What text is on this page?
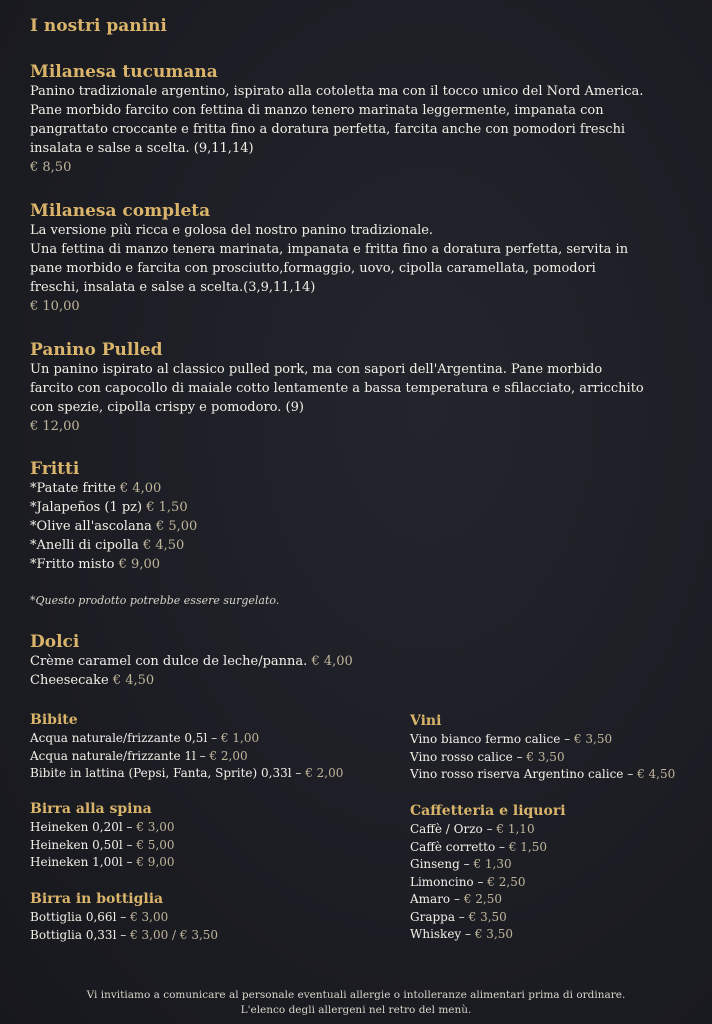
I nostri panini
Milanesa tucumana
Panino tradizionale argentino, ispirato alla cotoletta ma con il tocco unico del Nord America.
Pane morbido farcito con fettina di manzo tenero marinata leggermente, impanata con
pangrattato croccante e fritta fino a doratura perfetta, farcita anche con pomodori freschi
insalata e salse a scelta. (9,11,14)
€ 8,50
Milanesa completa
La versione più ricca e golosa del nostro panino tradizionale.
Una fettina di manzo tenera marinata, impanata e fritta fino a doratura perfetta, servita in
pane morbido e farcita con prosciutto,formaggio, uovo, cipolla caramellata, pomodori
freschi, insalata e salse a scelta.(3,9,11,14)
€ 10,00
Panino Pulled
Un panino ispirato al classico pulled pork, ma con sapori dell'Argentina. Pane morbido
farcito con capocollo di maiale cotto lentamente a bassa temperatura e sfilacciato, arricchito
con spezie, cipolla crispy e pomodoro. (9)
€ 12,00
Fritti
*Patate fritte € 4,00
*Jalapeños (1 pz) € 1,50
*Olive all'ascolana € 5,00
*Anelli di cipolla € 4,50
*Fritto misto € 9,00
*Questo prodotto potrebbe essere surgelato.
Dolci
Crème caramel con dulce de leche/panna. € 4,00
Cheesecake € 4,50
Bibite
Acqua naturale/frizzante 0,5l – € 1,00
Acqua naturale/frizzante 1l – € 2,00
Bibite in lattina (Pepsi, Fanta, Sprite) 0,33l – € 2,00
Birra alla spina
Heineken 0,20l – € 3,00
Heineken 0,50l – € 5,00
Heineken 1,00l – € 9,00
Birra in bottiglia
Bottiglia 0,66l – € 3,00
Bottiglia 0,33l – € 3,00 / € 3,50
Vini
Vino bianco fermo calice – € 3,50
Vino rosso calice – € 3,50
Vino rosso riserva Argentino calice – € 4,50
Caffetteria e liquori
Caffè / Orzo – € 1,10
Caffè corretto – € 1,50
Ginseng – € 1,30
Limoncino – € 2,50
Amaro – € 2,50
Grappa – € 3,50
Whiskey – € 3,50
Vi invitiamo a comunicare al personale eventuali allergie o intolleranze alimentari prima di ordinare.
L'elenco degli allergeni nel retro del menù.
